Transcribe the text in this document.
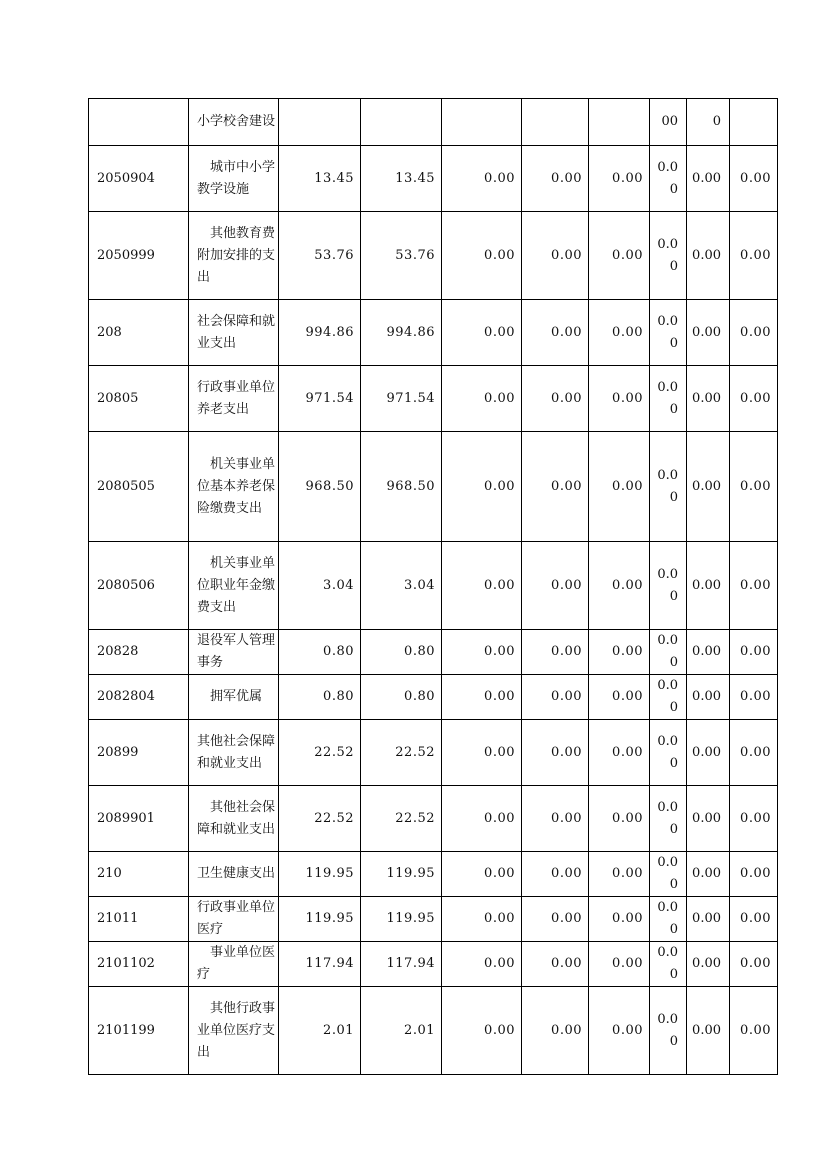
	小学校舍建设						00	0	
2050904	城市中小学教学设施	13.45	13.45	0.00	0.00	0.00	0.00	0.00	0.00
2050999	其他教育费附加安排的支出	53.76	53.76	0.00	0.00	0.00	0.00	0.00	0.00
208	社会保障和就业支出	994.86	994.86	0.00	0.00	0.00	0.00	0.00	0.00
20805	行政事业单位养老支出	971.54	971.54	0.00	0.00	0.00	0.00	0.00	0.00
2080505	机关事业单位基本养老保险缴费支出	968.50	968.50	0.00	0.00	0.00	0.00	0.00	0.00
2080506	机关事业单位职业年金缴费支出	3.04	3.04	0.00	0.00	0.00	0.00	0.00	0.00
20828	退役军人管理事务	0.80	0.80	0.00	0.00	0.00	0.00	0.00	0.00
2082804	拥军优属	0.80	0.80	0.00	0.00	0.00	0.00	0.00	0.00
20899	其他社会保障和就业支出	22.52	22.52	0.00	0.00	0.00	0.00	0.00	0.00
2089901	其他社会保障和就业支出	22.52	22.52	0.00	0.00	0.00	0.00	0.00	0.00
210	卫生健康支出	119.95	119.95	0.00	0.00	0.00	0.00	0.00	0.00
21011	行政事业单位医疗	119.95	119.95	0.00	0.00	0.00	0.00	0.00	0.00
2101102	事业单位医疗	117.94	117.94	0.00	0.00	0.00	0.00	0.00	0.00
2101199	其他行政事业单位医疗支出	2.01	2.01	0.00	0.00	0.00	0.00	0.00	0.00
